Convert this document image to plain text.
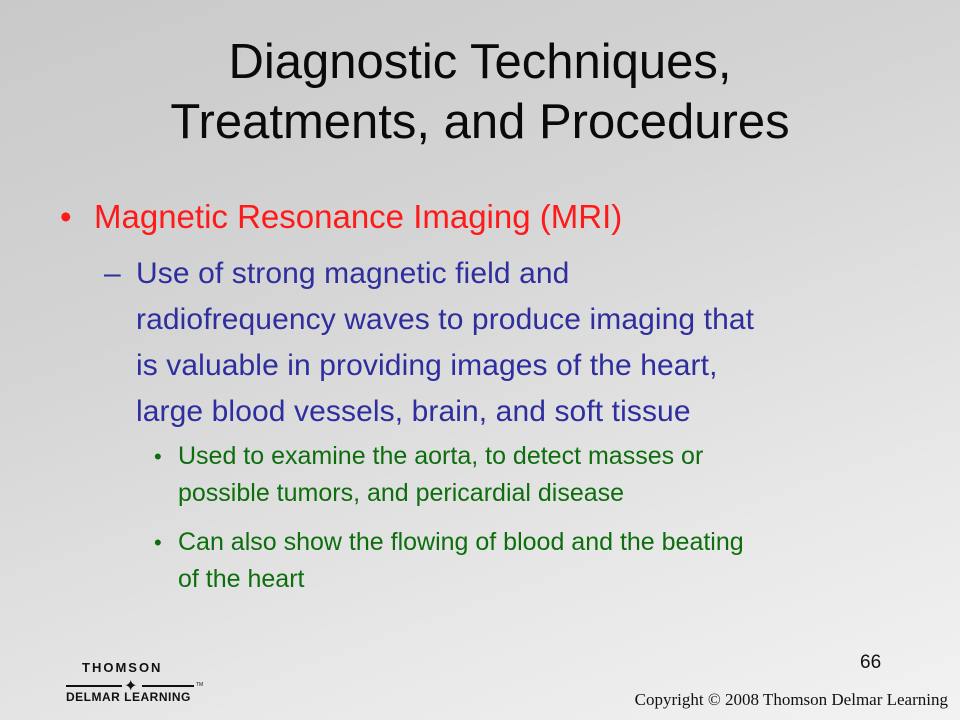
Diagnostic Techniques,
Treatments, and Procedures
• Magnetic Resonance Imaging (MRI)
– Use of strong magnetic field and
radiofrequency waves to produce imaging that
is valuable in providing images of the heart,
large blood vessels, brain, and soft tissue
• Used to examine the aorta, to detect masses or
possible tumors, and pericardial disease
• Can also show the flowing of blood and the beating
of the heart
66
THOMSON
✦	TM
DELMAR LEARNING	Copyright © 2008 Thomson Delmar Learning
